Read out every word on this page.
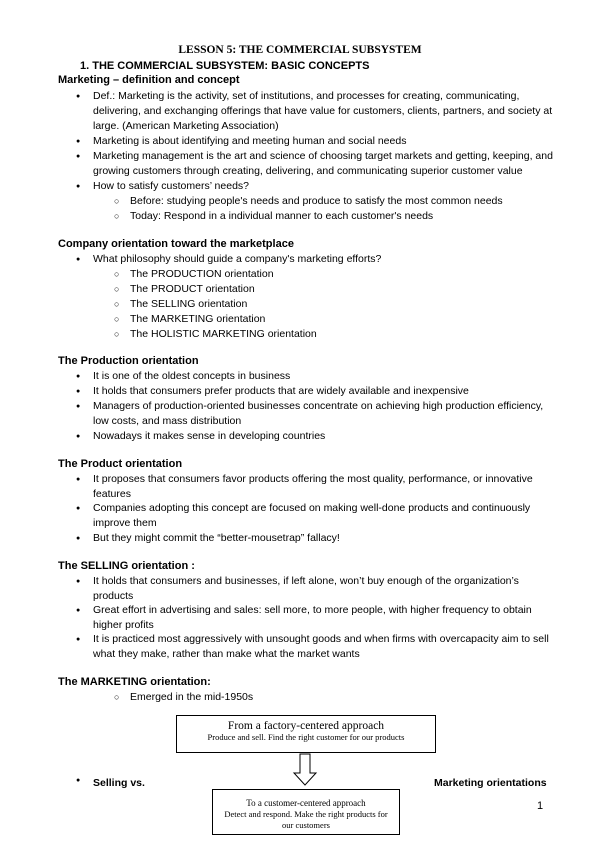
LESSON 5: THE COMMERCIAL SUBSYSTEM
1. THE COMMERCIAL SUBSYSTEM: BASIC CONCEPTS
Marketing – definition and concept
● Def.: Marketing is the activity, set of institutions, and processes for creating, communicating, delivering, and exchanging offerings that have value for customers, clients, partners, and society at large. (American Marketing Association)
● Marketing is about identifying and meeting human and social needs
● Marketing management is the art and science of choosing target markets and getting, keeping, and growing customers through creating, delivering, and communicating superior customer value
● How to satisfy customers’ needs?
○ Before: studying people's needs and produce to satisfy the most common needs
○ Today: Respond in a individual manner to each customer's needs
Company orientation toward the marketplace
● What philosophy should guide a company's marketing efforts?
○ The PRODUCTION orientation
○ The PRODUCT orientation
○ The SELLING orientation
○ The MARKETING orientation
○ The HOLISTIC MARKETING orientation
The Production orientation
● It is one of the oldest concepts in business
● It holds that consumers prefer products that are widely available and inexpensive
● Managers of production-oriented businesses concentrate on achieving high production efficiency, low costs, and mass distribution
● Nowadays it makes sense in developing countries
The Product orientation
● It proposes that consumers favor products offering the most quality, performance, or innovative features
● Companies adopting this concept are focused on making well-done products and continuously improve them
● But they might commit the “better-mousetrap” fallacy!
The SELLING orientation :
● It holds that consumers and businesses, if left alone, won’t buy enough of the organization’s products
● Great effort in advertising and sales: sell more, to more people, with higher frequency to obtain higher profits
● It is practiced most aggressively with unsought goods and when firms with overcapacity aim to sell what they make, rather than make what the market wants
The MARKETING orientation:
○ Emerged in the mid-1950s
From a factory-centered approach
Produce and sell. Find the right customer for our products
To a customer-centered approach
Detect and respond. Make the right products for our customers
● Selling vs.	Marketing orientations
1
